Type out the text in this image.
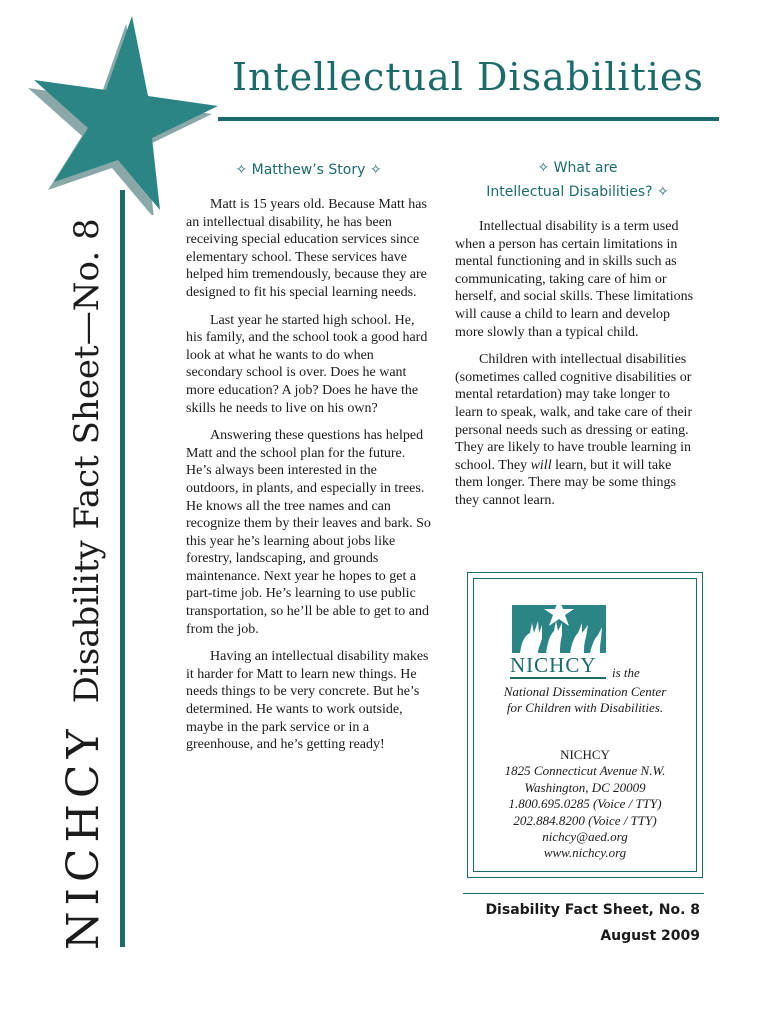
Intellectual Disabilities
NICHCYDisability Fact Sheet—No. 8
✧ Matthew’s Story ✧

Matt is 15 years old. Because Matt has an intellectual disability, he has been receiving special education services since elementary school. These services have helped him tremendously, because they are designed to fit his special learning needs.

Last year he started high school. He, his family, and the school took a good hard look at what he wants to do when secondary school is over. Does he want more education? A job? Does he have the skills he needs to live on his own?

Answering these questions has helped Matt and the school plan for the future. He’s always been interested in the outdoors, in plants, and especially in trees. He knows all the tree names and can recognize them by their leaves and bark. So this year he’s learning about jobs like forestry, landscaping, and grounds maintenance. Next year he hopes to get a part-time job. He’s learning to use public transportation, so he’ll be able to get to and from the job.

Having an intellectual disability makes it harder for Matt to learn new things. He needs things to be very concrete. But he’s determined. He wants to work outside, maybe in the park service or in a greenhouse, and he’s getting ready!

✧ What are
Intellectual Disabilities? ✧

Intellectual disability is a term used when a person has certain limitations in mental functioning and in skills such as communicating, taking care of him or herself, and social skills. These limitations will cause a child to learn and develop more slowly than a typical child.

Children with intellectual disabilities (sometimes called cognitive disabilities or mental retardation) may take longer to learn to speak, walk, and take care of their personal needs such as dressing or eating. They are likely to have trouble learning in school. They will learn, but it will take them longer. There may be some things they cannot learn.

NICHCY is the
National Dissemination Center
for Children with Disabilities.
NICHCY
1825 Connecticut Avenue N.W.
Washington, DC 20009
1.800.695.0285 (Voice / TTY)
202.884.8200 (Voice / TTY)
nichcy@aed.org
www.nichcy.org
Disability Fact Sheet, No. 8
August 2009
